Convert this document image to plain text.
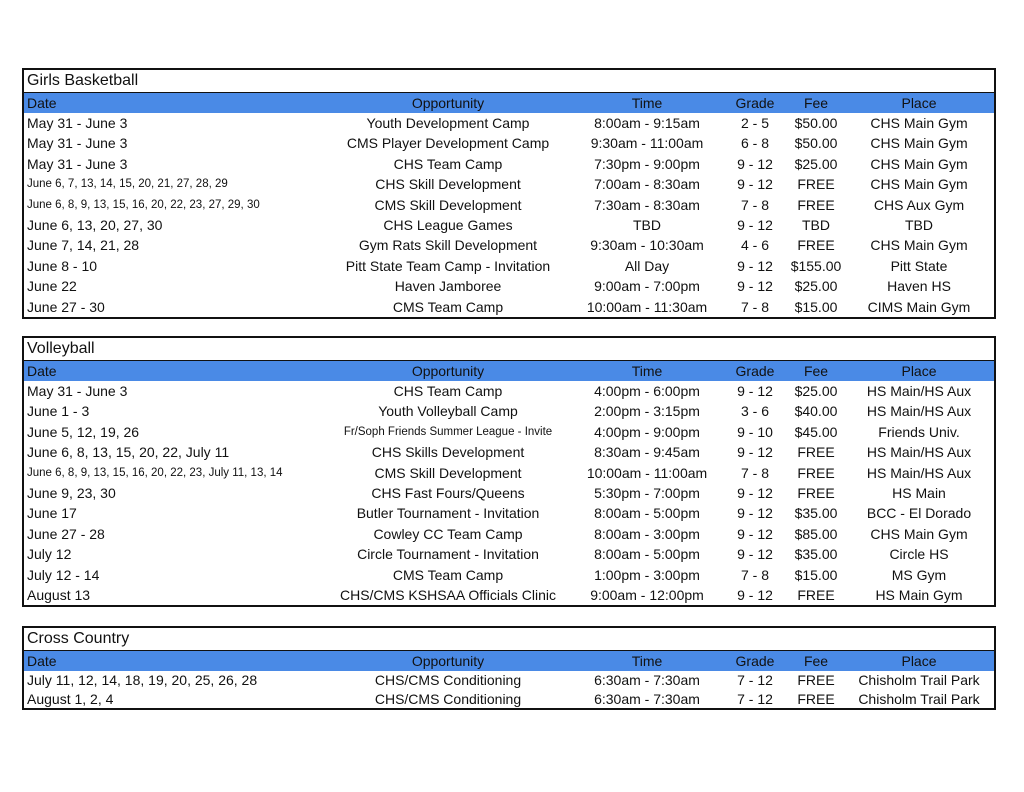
Girls Basketball
Date	Opportunity	Time	Grade	Fee	Place
May 31 - June 3	Youth Development Camp	8:00am - 9:15am	2 - 5	$50.00	CHS Main Gym
May 31 - June 3	CMS Player Development Camp	9:30am - 11:00am	6 - 8	$50.00	CHS Main Gym
May 31 - June 3	CHS Team Camp	7:30pm - 9:00pm	9 - 12	$25.00	CHS Main Gym
June 6, 7, 13, 14, 15, 20, 21, 27, 28, 29	CHS Skill Development	7:00am - 8:30am	9 - 12	FREE	CHS Main Gym
June 6, 8, 9, 13, 15, 16, 20, 22, 23, 27, 29, 30	CMS Skill Development	7:30am - 8:30am	7 - 8	FREE	CHS Aux Gym
June 6, 13, 20, 27, 30	CHS League Games	TBD	9 - 12	TBD	TBD
June 7, 14, 21, 28	Gym Rats Skill Development	9:30am - 10:30am	4 - 6	FREE	CHS Main Gym
June 8 - 10	Pitt State Team Camp - Invitation	All Day	9 - 12	$155.00	Pitt State
June 22	Haven Jamboree	9:00am - 7:00pm	9 - 12	$25.00	Haven HS
June 27 - 30	CMS Team Camp	10:00am - 11:30am	7 - 8	$15.00	CIMS Main Gym
Volleyball
Date	Opportunity	Time	Grade	Fee	Place
May 31 - June 3	CHS Team Camp	4:00pm - 6:00pm	9 - 12	$25.00	HS Main/HS Aux
June 1 - 3	Youth Volleyball Camp	2:00pm - 3:15pm	3 - 6	$40.00	HS Main/HS Aux
June 5, 12, 19, 26	Fr/Soph Friends Summer League - Invite	4:00pm - 9:00pm	9 - 10	$45.00	Friends Univ.
June 6, 8, 13, 15, 20, 22, July 11	CHS Skills Development	8:30am - 9:45am	9 - 12	FREE	HS Main/HS Aux
June 6, 8, 9, 13, 15, 16, 20, 22, 23, July 11, 13, 14	CMS Skill Development	10:00am - 11:00am	7 - 8	FREE	HS Main/HS Aux
June 9, 23, 30	CHS Fast Fours/Queens	5:30pm - 7:00pm	9 - 12	FREE	HS Main
June 17	Butler Tournament - Invitation	8:00am - 5:00pm	9 - 12	$35.00	BCC - El Dorado
June 27 - 28	Cowley CC Team Camp	8:00am - 3:00pm	9 - 12	$85.00	CHS Main Gym
July 12	Circle Tournament - Invitation	8:00am - 5:00pm	9 - 12	$35.00	Circle HS
July 12 - 14	CMS Team Camp	1:00pm - 3:00pm	7 - 8	$15.00	MS Gym
August 13	CHS/CMS KSHSAA Officials Clinic	9:00am - 12:00pm	9 - 12	FREE	HS Main Gym
Cross Country
Date	Opportunity	Time	Grade	Fee	Place
July 11, 12, 14, 18, 19, 20, 25, 26, 28	CHS/CMS Conditioning	6:30am - 7:30am	7 - 12	FREE	Chisholm Trail Park
August 1, 2, 4	CHS/CMS Conditioning	6:30am - 7:30am	7 - 12	FREE	Chisholm Trail Park
